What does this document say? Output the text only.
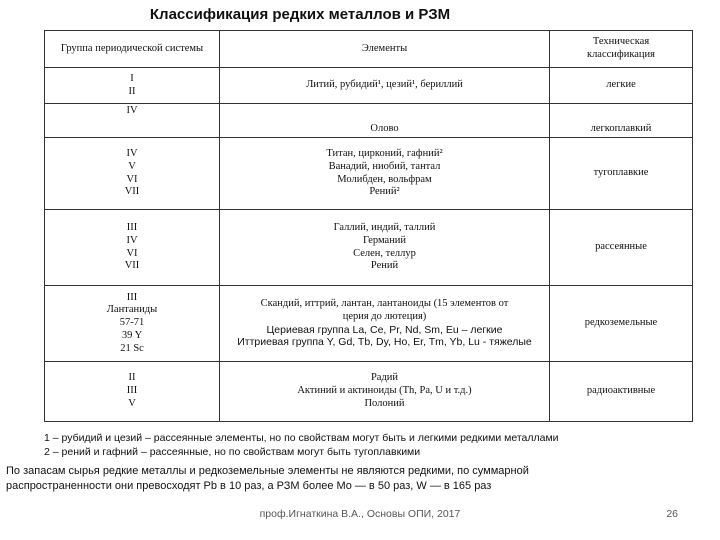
Классификация редких металлов и РЗМ
Группа периодической системы	Элементы	Техническая
классификация

I
II	Литий, рубидий¹, цезий¹, бериллий	легкие

IV	Олово	легкоплавкий

IV
V
VI
VII	Титан, цирконий, гафний²
Ванадий, ниобий, тантал
Молибден, вольфрам
Рений²	тугоплавкие

III
IV
VI
VII	Галлий, индий, таллий
Германий
Селен, теллур
Рений	рассеянные

III
Лантаниды
57-71
39 Y
21 Sc	Скандий, иттрий, лантан, лантаноиды (15 элементов от
церия до лютеция)
Цериевая группа La, Ce, Pr, Nd, Sm, Eu – легкие
Иттриевая группа Y, Gd, Tb, Dy, Ho, Er, Tm, Yb, Lu - тяжелые	редкоземельные

II
III
V	Радий
Актиний и актиноиды (Th, Pa, U и т.д.)
Полоний	радиоактивные
1 – рубидий и цезий – рассеянные элементы, но по свойствам могут быть и легкими редкими металлами
2 – рений и гафний – рассеянные, но по свойствам могут быть тугоплавкими
По запасам сырья редкие металлы и редкоземельные элементы не являются редкими, по суммарной
распространенности они превосходят Pb в 10 раз, а РЗМ более Mo — в 50 раз, W — в 165 раз
проф.Игнаткина В.А., Основы ОПИ, 2017	26
